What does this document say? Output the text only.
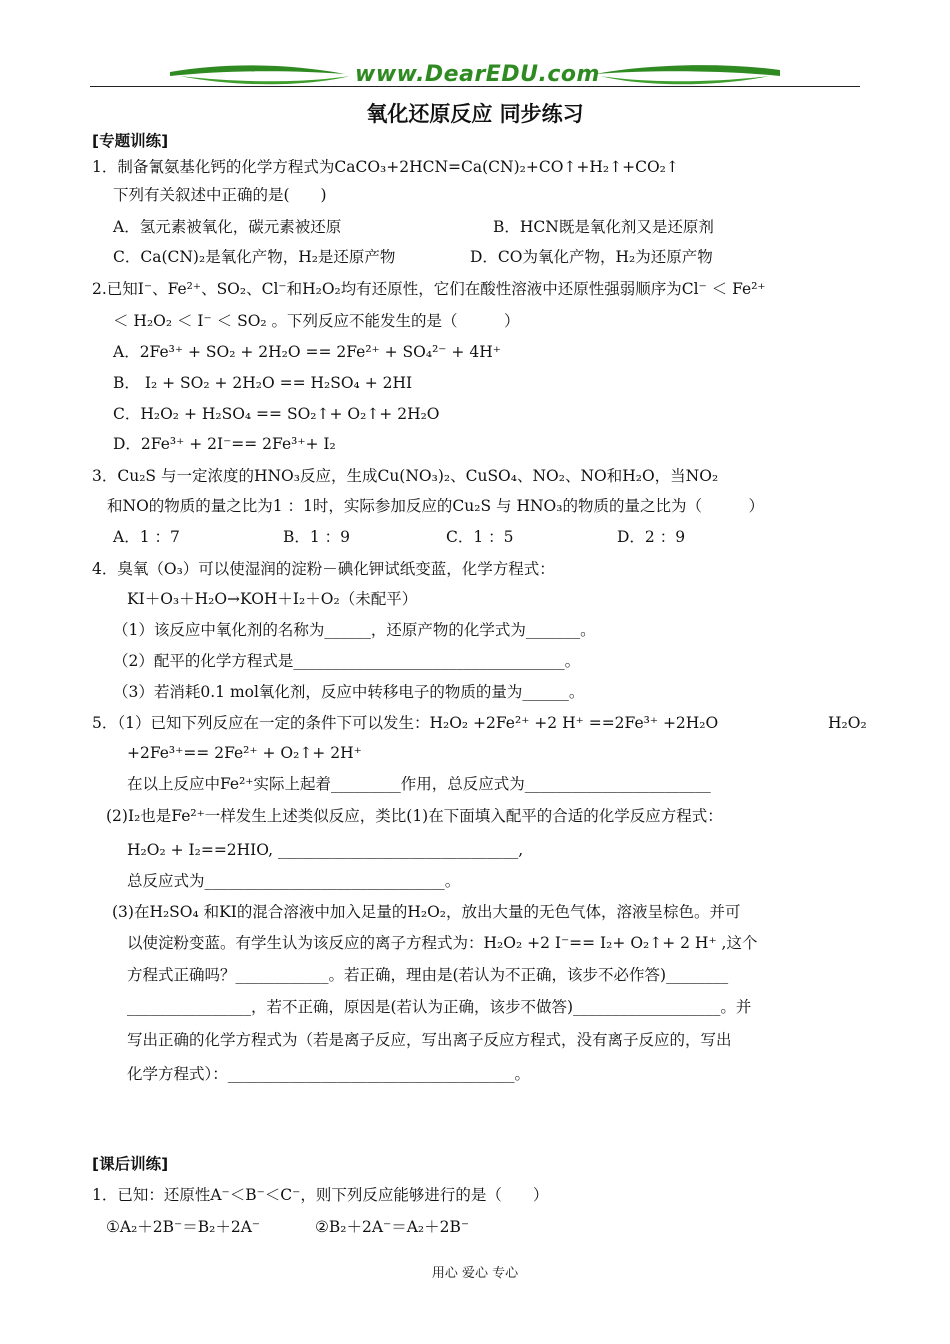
www.DearEDU.com
氧化还原反应 同步练习
[专题训练]
1．制备氰氨基化钙的化学方程式为CaCO₃+2HCN=Ca(CN)₂+CO↑+H₂↑+CO₂↑
下列有关叙述中正确的是(　　)
A．氢元素被氧化，碳元素被还原	B．HCN既是氧化剂又是还原剂
C．Ca(CN)₂是氧化产物，H₂是还原产物	D．CO为氧化产物，H₂为还原产物
2.已知I⁻、Fe²⁺、SO₂、Cl⁻和H₂O₂均有还原性，它们在酸性溶液中还原性强弱顺序为Cl⁻ ＜ Fe²⁺
＜ H₂O₂ ＜ I⁻ ＜ SO₂ 。下列反应不能发生的是（　　　）
A．2Fe³⁺ + SO₂ + 2H₂O == 2Fe²⁺ + SO₄²⁻ + 4H⁺
B． I₂ + SO₂ + 2H₂O == H₂SO₄ + 2HI
C．H₂O₂ + H₂SO₄ == SO₂↑+ O₂↑+ 2H₂O
D．2Fe³⁺ + 2I⁻== 2Fe³⁺+ I₂
3．Cu₂S 与一定浓度的HNO₃反应，生成Cu(NO₃)₂、CuSO₄、NO₂、NO和H₂O，当NO₂
和NO的物质的量之比为1 ：1时，实际参加反应的Cu₂S 与 HNO₃的物质的量之比为（　　　）
A．1 ：7	B．1 ：9	C．1 ：5	D．2 ：9
4．臭氧（O₃）可以使湿润的淀粉－碘化钾试纸变蓝，化学方程式：
KI＋O₃＋H₂O→KOH＋I₂＋O₂（未配平）
（1）该反应中氧化剂的名称为______，还原产物的化学式为_______。
（2）配平的化学方程式是___________________________________。
（3）若消耗0.1 mol氧化剂，反应中转移电子的物质的量为______。
5．（1）已知下列反应在一定的条件下可以发生：H₂O₂ +2Fe²⁺ +2 H⁺ ==2Fe³⁺ +2H₂O	H₂O₂
+2Fe³⁺== 2Fe²⁺ + O₂↑+ 2H⁺
在以上反应中Fe²⁺实际上起着_________作用，总反应式为________________________
(2)I₂也是Fe²⁺一样发生上述类似反应，类比(1)在下面填入配平的合适的化学反应方程式：
H₂O₂ + I₂==2HIO, _______________________________,
总反应式为_______________________________。
(3)在H₂SO₄ 和KI的混合溶液中加入足量的H₂O₂，放出大量的无色气体，溶液呈棕色。并可
以使淀粉变蓝。有学生认为该反应的离子方程式为：H₂O₂ +2 I⁻== I₂+ O₂↑+ 2 H⁺ ,这个
方程式正确吗？____________。若正确，理由是(若认为不正确，该步不必作答)________
________________，若不正确，原因是(若认为正确，该步不做答)___________________。并
写出正确的化学方程式为（若是离子反应，写出离子反应方程式，没有离子反应的，写出
化学方程式）：_____________________________________。
[课后训练]
1．已知：还原性A⁻＜B⁻＜C⁻，则下列反应能够进行的是（　　）
①A₂＋2B⁻＝B₂＋2A⁻	②B₂＋2A⁻＝A₂＋2B⁻
用心 爱心 专心
